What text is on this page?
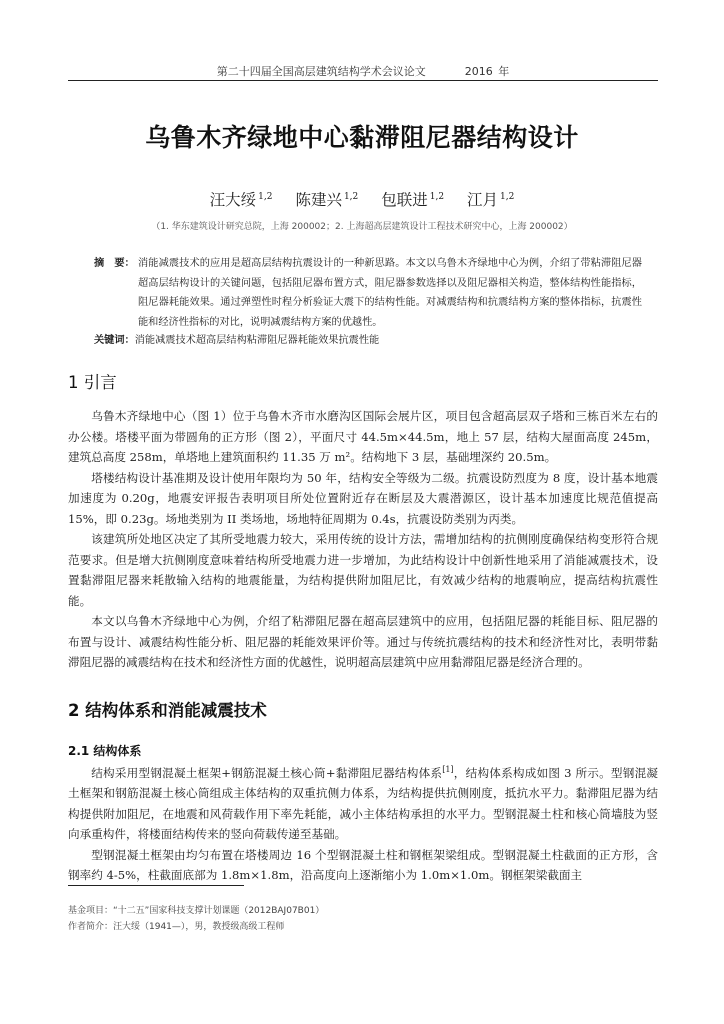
第二十四届全国高层建筑结构学术会议论文	2016 年
乌鲁木齐绿地中心黏滞阻尼器结构设计
汪大绥 $^{1,2}$ 陈建兴 $^{1,2}$ 包联进 $^{1,2}$ 江月 $^{1,2}$
（1. 华东建筑设计研究总院，上海 200002；2. 上海超高层建筑设计工程技术研究中心，上海 200002）
摘　要： 消能减震技术的应用是超高层结构抗震设计的一种新思路。本文以乌鲁木齐绿地中心为例，介绍了带粘滞阻尼器超高层结构设计的关键问题，包括阻尼器布置方式，阻尼器参数选择以及阻尼器相关构造，整体结构性能指标，阻尼器耗能效果。通过弹塑性时程分析验证大震下的结构性能。对减震结构和抗震结构方案的整体指标，抗震性能和经济性指标的对比，说明减震结构方案的优越性。
关键词：消能减震技术超高层结构粘滞阻尼器耗能效果抗震性能
1 引言

乌鲁木齐绿地中心（图 1）位于乌鲁木齐市水磨沟区国际会展片区，项目包含超高层双子塔和三栋百米左右的办公楼。塔楼平面为带圆角的正方形（图 2），平面尺寸 44.5m×44.5m，地上 57 层，结构大屋面高度 245m，建筑总高度 258m，单塔地上建筑面积约 11.35 万 m²。结构地下 3 层，基础埋深约 20.5m。

塔楼结构设计基准期及设计使用年限均为 50 年，结构安全等级为二级。抗震设防烈度为 8 度，设计基本地震加速度为 0.20g，地震安评报告表明项目所处位置附近存在断层及大震潜源区，设计基本加速度比规范值提高 15%，即 0.23g。场地类别为 II 类场地，场地特征周期为 0.4s，抗震设防类别为丙类。

该建筑所处地区决定了其所受地震力较大，采用传统的设计方法，需增加结构的抗侧刚度确保结构变形符合规范要求。但是增大抗侧刚度意味着结构所受地震力进一步增加，为此结构设计中创新性地采用了消能减震技术，设置黏滞阻尼器来耗散输入结构的地震能量，为结构提供附加阻尼比，有效减少结构的地震响应，提高结构抗震性能。

本文以乌鲁木齐绿地中心为例，介绍了粘滞阻尼器在超高层建筑中的应用，包括阻尼器的耗能目标、阻尼器的布置与设计、减震结构性能分析、阻尼器的耗能效果评价等。通过与传统抗震结构的技术和经济性对比，表明带黏滞阻尼器的减震结构在技术和经济性方面的优越性，说明超高层建筑中应用黏滞阻尼器是经济合理的。

2 结构体系和消能减震技术
2.1 结构体系

结构采用型钢混凝土框架+钢筋混凝土核心筒+黏滞阻尼器结构体系[1]，结构体系构成如图 3 所示。型钢混凝土框架和钢筋混凝土核心筒组成主体结构的双重抗侧力体系，为结构提供抗侧刚度，抵抗水平力。黏滞阻尼器为结构提供附加阻尼，在地震和风荷载作用下率先耗能，减小主体结构承担的水平力。型钢混凝土柱和核心筒墙肢为竖向承重构件，将楼面结构传来的竖向荷载传递至基础。

型钢混凝土框架由均匀布置在塔楼周边 16 个型钢混凝土柱和钢框架梁组成。型钢混凝土柱截面的正方形，含钢率约 4-5%，柱截面底部为 1.8m×1.8m，沿高度向上逐渐缩小为 1.0m×1.0m。钢框架梁截面主

基金项目：“十二五”国家科技支撑计划课题（2012BAJ07B01）
作者简介：汪大绥（1941—），男，教授级高级工程师
